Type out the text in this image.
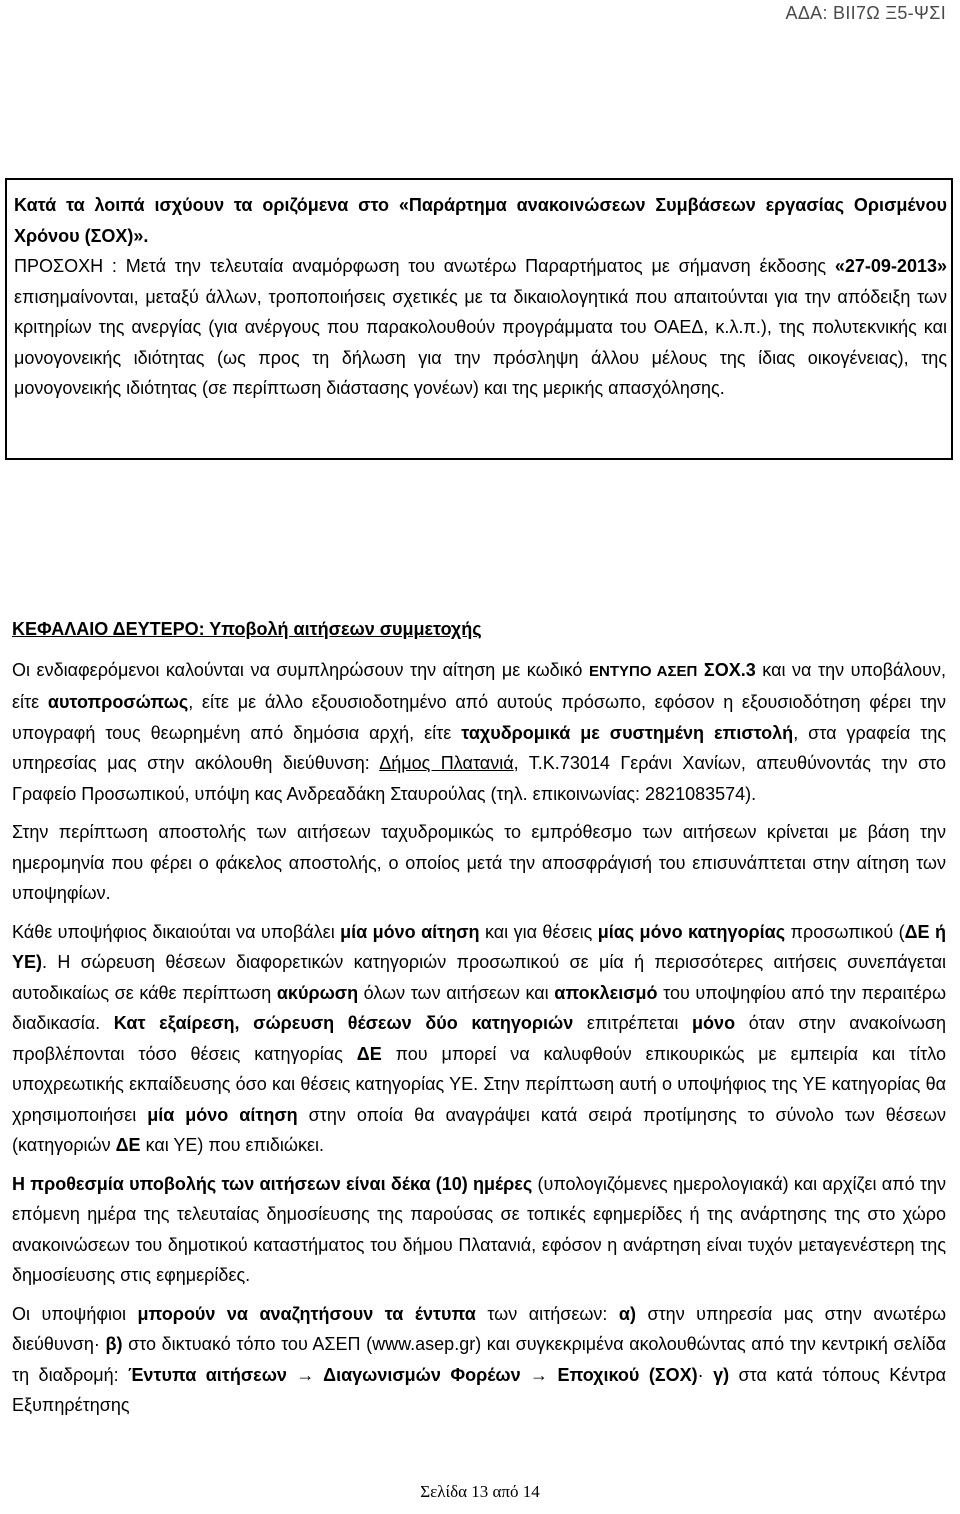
ΑΔΑ: ΒΙΙ7Ω Ξ5-ΨΣΙ

Κατά τα λοιπά ισχύουν τα οριζόμενα στο «Παράρτημα ανακοινώσεων Συμβάσεων εργασίας Ορισμένου Χρόνου (ΣΟΧ)».

ΠΡΟΣΟΧΗ : Μετά την τελευταία αναμόρφωση του ανωτέρω Παραρτήματος με σήμανση έκδοσης «27-09-2013» επισημαίνονται, μεταξύ άλλων, τροποποιήσεις σχετικές με τα δικαιολογητικά που απαιτούνται για την απόδειξη των κριτηρίων της ανεργίας (για ανέργους που παρακολουθούν προγράμματα του ΟΑΕΔ, κ.λ.π.), της πολυτεκνικής και μονογονεικής ιδιότητας (ως προς τη δήλωση για την πρόσληψη άλλου μέλους της ίδιας οικογένειας), της μονογονεικής ιδιότητας (σε περίπτωση διάστασης γονέων) και της μερικής απασχόλησης.

ΚΕΦΑΛΑΙΟ ΔΕΥΤΕΡΟ: Υποβολή αιτήσεων συμμετοχής

Οι ενδιαφερόμενοι καλούνται να συμπληρώσουν την αίτηση με κωδικό ΕΝΤΥΠΟ ΑΣΕΠ ΣΟΧ.3 και να την υποβάλουν, είτε αυτοπροσώπως, είτε με άλλο εξουσιοδοτημένο από αυτούς πρόσωπο, εφόσον η εξουσιοδότηση φέρει την υπογραφή τους θεωρημένη από δημόσια αρχή, είτε ταχυδρομικά με συστημένη επιστολή, στα γραφεία της υπηρεσίας μας στην ακόλουθη διεύθυνση: Δήμος Πλατανιά, Τ.Κ.73014 Γεράνι Χανίων, απευθύνοντάς την στο Γραφείο Προσωπικού, υπόψη κας Ανδρεαδάκη Σταυρούλας (τηλ. επικοινωνίας: 2821083574).

Στην περίπτωση αποστολής των αιτήσεων ταχυδρομικώς το εμπρόθεσμο των αιτήσεων κρίνεται με βάση την ημερομηνία που φέρει ο φάκελος αποστολής, ο οποίος μετά την αποσφράγισή του επισυνάπτεται στην αίτηση των υποψηφίων.

Κάθε υποψήφιος δικαιούται να υποβάλει μία μόνο αίτηση και για θέσεις μίας μόνο κατηγορίας προσωπικού (ΔΕ ή ΥΕ). Η σώρευση θέσεων διαφορετικών κατηγοριών προσωπικού σε μία ή περισσότερες αιτήσεις συνεπάγεται αυτοδικαίως σε κάθε περίπτωση ακύρωση όλων των αιτήσεων και αποκλεισμό του υποψηφίου από την περαιτέρω διαδικασία. Κατ εξαίρεση, σώρευση θέσεων δύο κατηγοριών επιτρέπεται μόνο όταν στην ανακοίνωση προβλέπονται τόσο θέσεις κατηγορίας ΔΕ που μπορεί να καλυφθούν επικουρικώς με εμπειρία και τίτλο υποχρεωτικής εκπαίδευσης όσο και θέσεις κατηγορίας ΥΕ. Στην περίπτωση αυτή ο υποψήφιος της ΥΕ κατηγορίας θα χρησιμοποιήσει μία μόνο αίτηση στην οποία θα αναγράψει κατά σειρά προτίμησης το σύνολο των θέσεων (κατηγοριών ΔΕ και ΥΕ) που επιδιώκει.

Η προθεσμία υποβολής των αιτήσεων είναι δέκα (10) ημέρες (υπολογιζόμενες ημερολογιακά) και αρχίζει από την επόμενη ημέρα της τελευταίας δημοσίευσης της παρούσας σε τοπικές εφημερίδες ή της ανάρτησης της στο χώρο ανακοινώσεων του δημοτικού καταστήματος του δήμου Πλατανιά, εφόσον η ανάρτηση είναι τυχόν μεταγενέστερη της δημοσίευσης στις εφημερίδες.

Οι υποψήφιοι μπορούν να αναζητήσουν τα έντυπα των αιτήσεων: α) στην υπηρεσία μας στην ανωτέρω διεύθυνση· β) στο δικτυακό τόπο του ΑΣΕΠ (www.asep.gr) και συγκεκριμένα ακολουθώντας από την κεντρική σελίδα τη διαδρομή: Έντυπα αιτήσεων → Διαγωνισμών Φορέων → Εποχικού (ΣΟΧ)· γ) στα κατά τόπους Κέντρα Εξυπηρέτησης

Σελίδα 13 από 14
